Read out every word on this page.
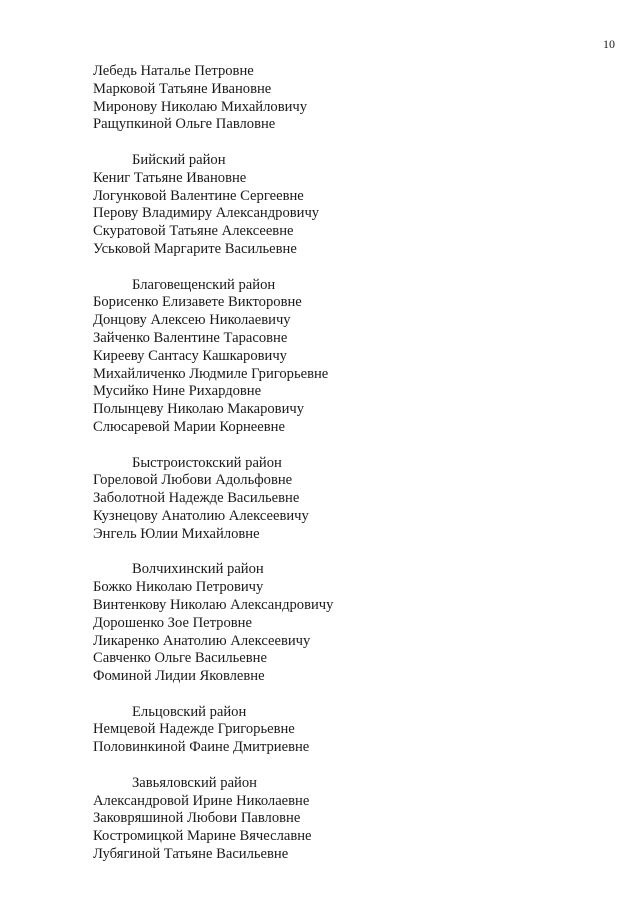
10
Лебедь Наталье Петровне
Марковой Татьяне Ивановне
Миронову Николаю Михайловичу
Ращупкиной Ольге Павловне
Бийский район
Кениг Татьяне Ивановне
Логунковой Валентине Сергеевне
Перову Владимиру Александровичу
Скуратовой Татьяне Алексеевне
Уськовой Маргарите Васильевне
Благовещенский район
Борисенко Елизавете Викторовне
Донцову Алексею Николаевичу
Зайченко Валентине Тарасовне
Кирееву Сантасу Кашкаровичу
Михайличенко Людмиле Григорьевне
Мусийко Нине Рихардовне
Полынцеву Николаю Макаровичу
Слюсаревой Марии Корнеевне
Быстроистокский район
Гореловой Любови Адольфовне
Заболотной Надежде Васильевне
Кузнецову Анатолию Алексеевичу
Энгель Юлии Михайловне
Волчихинский район
Божко Николаю Петровичу
Винтенкову Николаю Александровичу
Дорошенко Зое Петровне
Ликаренко Анатолию Алексеевичу
Савченко Ольге Васильевне
Фоминой Лидии Яковлевне
Ельцовский район
Немцевой Надежде Григорьевне
Половинкиной Фаине Дмитриевне
Завьяловский район
Александровой Ирине Николаевне
Заковряшиной Любови Павловне
Костромицкой Марине Вячеславне
Лубягиной Татьяне Васильевне
